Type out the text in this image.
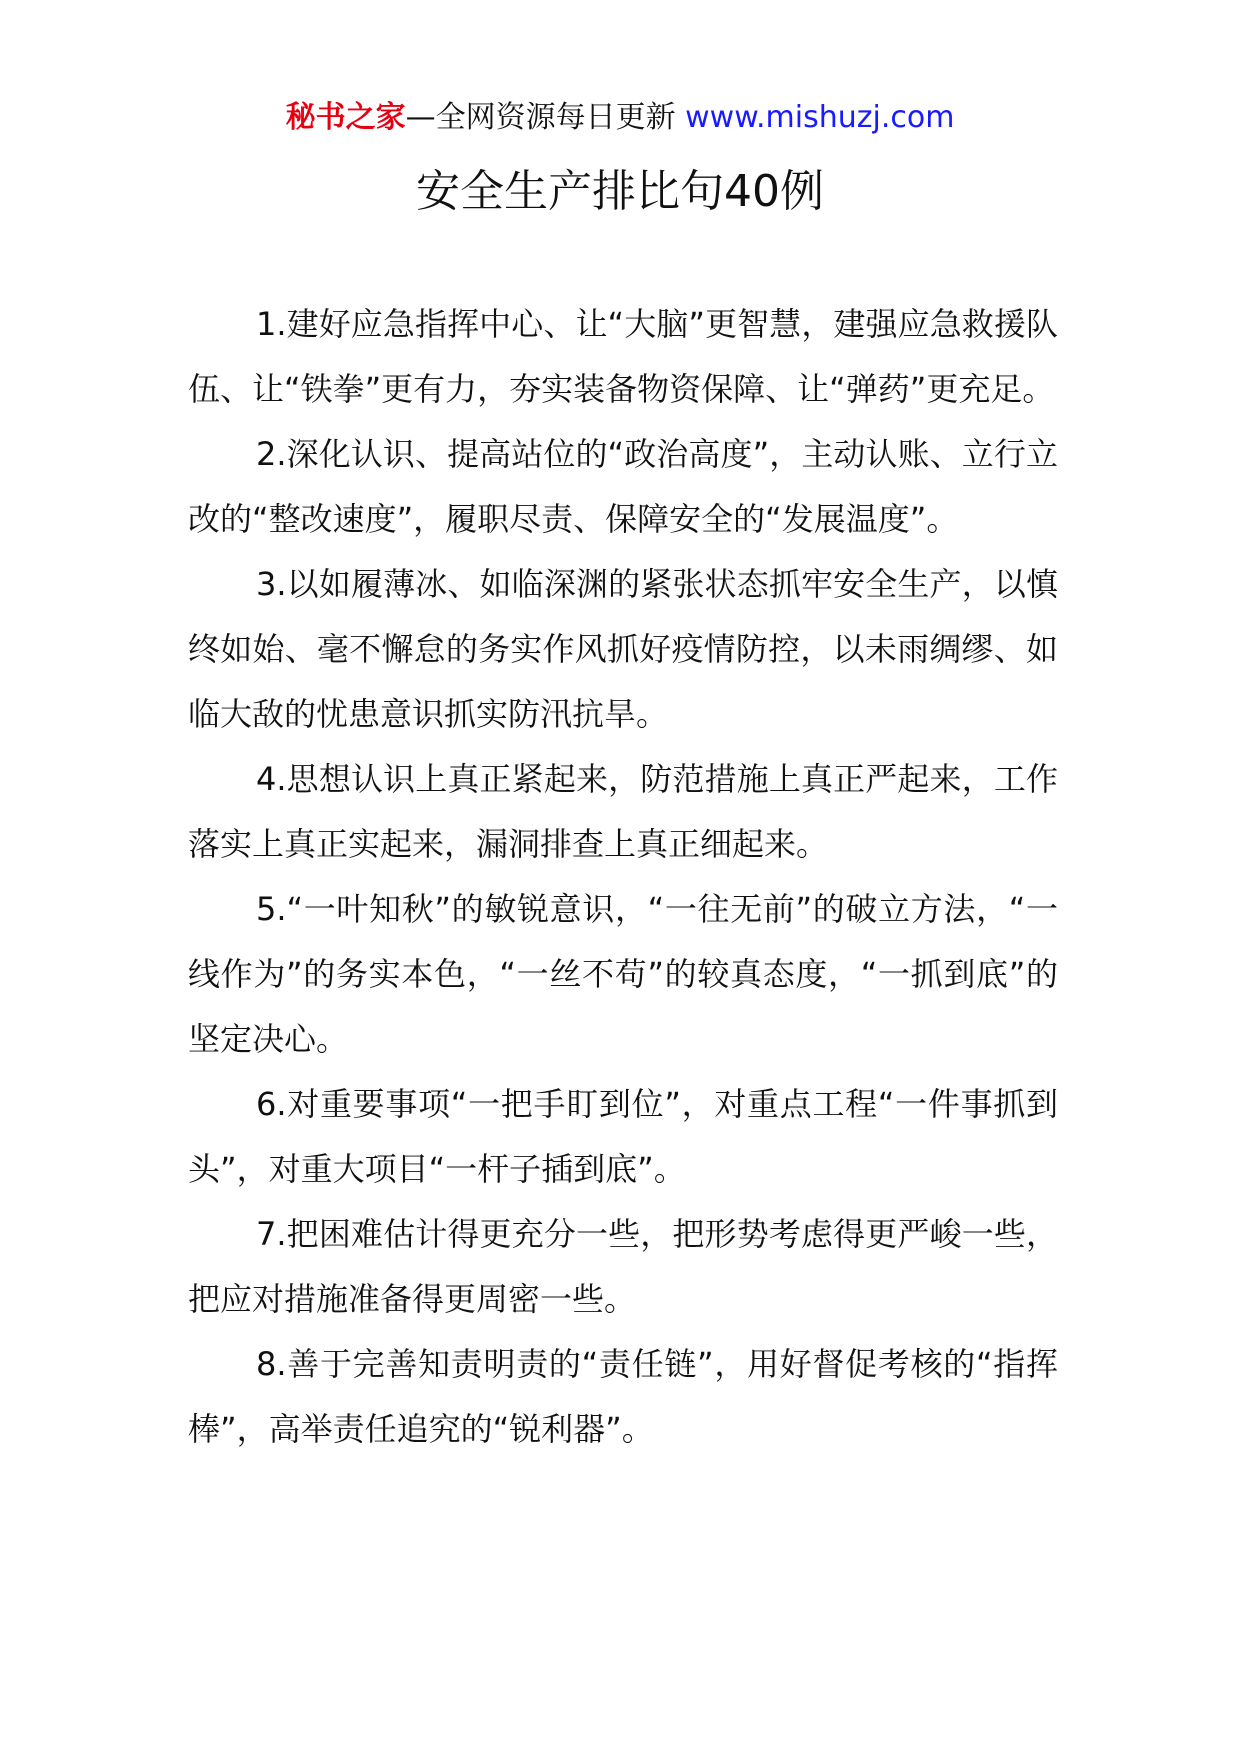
秘书之家—全网资源每日更新 www.mishuzj.com
安全生产排比句40例

1.建好应急指挥中心、让“大脑”更智慧，建强应急救援队伍、让“铁拳”更有力，夯实装备物资保障、让“弹药”更充足。

2.深化认识、提高站位的“政治高度”，主动认账、立行立改的“整改速度”，履职尽责、保障安全的“发展温度”。

3.以如履薄冰、如临深渊的紧张状态抓牢安全生产，以慎终如始、毫不懈怠的务实作风抓好疫情防控，以未雨绸缪、如临大敌的忧患意识抓实防汛抗旱。

4.思想认识上真正紧起来，防范措施上真正严起来，工作落实上真正实起来，漏洞排查上真正细起来。

5.“一叶知秋”的敏锐意识，“一往无前”的破立方法，“一线作为”的务实本色，“一丝不苟”的较真态度，“一抓到底”的坚定决心。

6.对重要事项“一把手盯到位”，对重点工程“一件事抓到头”，对重大项目“一杆子插到底”。

7.把困难估计得更充分一些，把形势考虑得更严峻一些，把应对措施准备得更周密一些。

8.善于完善知责明责的“责任链”，用好督促考核的“指挥棒”，高举责任追究的“锐利器”。
